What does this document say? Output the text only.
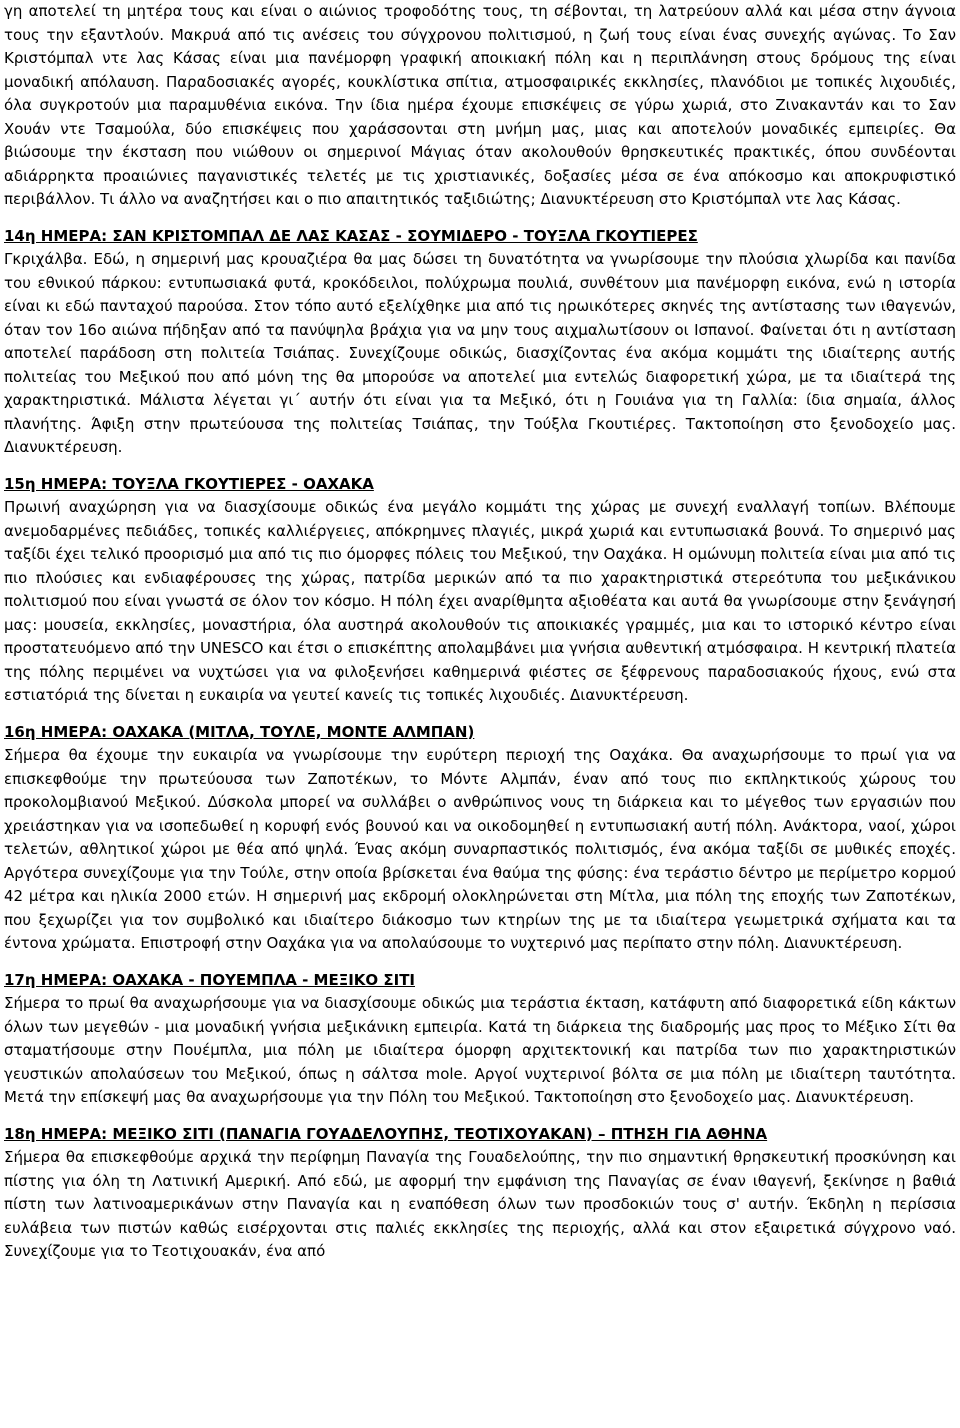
γη αποτελεί τη μητέρα τους και είναι ο αιώνιος τροφοδότης τους, τη σέβονται, τη λατρεύουν αλλά και μέσα στην άγνοια τους την εξαντλούν. Μακρυά από τις ανέσεις του σύγχρονου πολιτισμού, η ζωή τους είναι ένας συνεχής αγώνας. Το Σαν Κριστόμπαλ ντε λας Κάσας είναι μια πανέμορφη γραφική αποικιακή πόλη και η περιπλάνηση στους δρόμους της είναι μοναδική απόλαυση. Παραδοσιακές αγορές, κουκλίστικα σπίτια, ατμοσφαιρικές εκκλησίες, πλανόδιοι με τοπικές λιχουδιές, όλα συγκροτούν μια παραμυθένια εικόνα. Την ίδια ημέρα έχουμε επισκέψεις σε γύρω χωριά, στο Ζινακαντάν και το Σαν Χουάν ντε Τσαμούλα, δύο επισκέψεις που χαράσσονται στη μνήμη μας, μιας και αποτελούν μοναδικές εμπειρίες. Θα βιώσουμε την έκσταση που νιώθουν οι σημερινοί Μάγιας όταν ακολουθούν θρησκευτικές πρακτικές, όπου συνδέονται αδιάρρηκτα προαιώνιες παγανιστικές τελετές με τις χριστιανικές, δοξασίες μέσα σε ένα απόκοσμο και αποκρυφιστικό περιβάλλον. Τι άλλο να αναζητήσει και ο πιο απαιτητικός ταξιδιώτης; Διανυκτέρευση στο Κριστόμπαλ ντε λας Κάσας.

14η ΗΜΕΡΑ: ΣΑΝ ΚΡΙΣΤΟΜΠΑΛ ΔΕ ΛΑΣ ΚΑΣΑΣ - ΣΟΥΜΙΔΕΡΟ - ΤΟΥΞΛΑ ΓΚΟΥΤΙΕΡΕΣ

Γκριχάλβα. Εδώ, η σημερινή μας κρουαζιέρα θα μας δώσει τη δυνατότητα να γνωρίσουμε την πλούσια χλωρίδα και πανίδα του εθνικού πάρκου: εντυπωσιακά φυτά, κροκόδειλοι, πολύχρωμα πουλιά, συνθέτουν μια πανέμορφη εικόνα, ενώ η ιστορία είναι κι εδώ πανταχού παρούσα. Στον τόπο αυτό εξελίχθηκε μια από τις ηρωικότερες σκηνές της αντίστασης των ιθαγενών, όταν τον 16ο αιώνα πήδηξαν από τα πανύψηλα βράχια για να μην τους αιχμαλωτίσουν οι Ισπανοί. Φαίνεται ότι η αντίσταση αποτελεί παράδοση στη πολιτεία Τσιάπας. Συνεχίζουμε οδικώς, διασχίζοντας ένα ακόμα κομμάτι της ιδιαίτερης αυτής πολιτείας του Μεξικού που από μόνη της θα μπορούσε να αποτελεί μια εντελώς διαφορετική χώρα, με τα ιδιαίτερά της χαρακτηριστικά. Μάλιστα λέγεται γι΄ αυτήν ότι είναι για τα Μεξικό, ότι η Γουιάνα για τη Γαλλία: ίδια σημαία, άλλος πλανήτης. Άφιξη στην πρωτεύουσα της πολιτείας Τσιάπας, την Τούξλα Γκουτιέρες. Τακτοποίηση στο ξενοδοχείο μας. Διανυκτέρευση.

15η ΗΜΕΡΑ: ΤΟΥΞΛΑ ΓΚΟΥΤΙΕΡΕΣ - ΟΑΧΑΚΑ

Πρωινή αναχώρηση για να διασχίσουμε οδικώς ένα μεγάλο κομμάτι της χώρας με συνεχή εναλλαγή τοπίων. Βλέπουμε ανεμοδαρμένες πεδιάδες, τοπικές καλλιέργειες, απόκρημνες πλαγιές, μικρά χωριά και εντυπωσιακά βουνά. Το σημερινό μας ταξίδι έχει τελικό προορισμό μια από τις πιο όμορφες πόλεις του Μεξικού, την Οαχάκα. Η ομώνυμη πολιτεία είναι μια από τις πιο πλούσιες και ενδιαφέρουσες της χώρας, πατρίδα μερικών από τα πιο χαρακτηριστικά στερεότυπα του μεξικάνικου πολιτισμού που είναι γνωστά σε όλον τον κόσμο. Η πόλη έχει αναρίθμητα αξιοθέατα και αυτά θα γνωρίσουμε στην ξενάγησή μας: μουσεία, εκκλησίες, μοναστήρια, όλα αυστηρά ακολουθούν τις αποικιακές γραμμές, μια και το ιστορικό κέντρο είναι προστατευόμενο από την UNESCO και έτσι ο επισκέπτης απολαμβάνει μια γνήσια αυθεντική ατμόσφαιρα. Η κεντρική πλατεία της πόλης περιμένει να νυχτώσει για να φιλοξενήσει καθημερινά φιέστες σε ξέφρενους παραδοσιακούς ήχους, ενώ στα εστιατόριά της δίνεται η ευκαιρία να γευτεί κανείς τις τοπικές λιχουδιές. Διανυκτέρευση.

16η ΗΜΕΡΑ: ΟΑΧΑΚΑ (ΜΙΤΛΑ, ΤΟΥΛΕ, ΜΟΝΤΕ ΑΛΜΠΑΝ)

Σήμερα θα έχουμε την ευκαιρία να γνωρίσουμε την ευρύτερη περιοχή της Οαχάκα. Θα αναχωρήσουμε το πρωί για να επισκεφθούμε την πρωτεύουσα των Ζαποτέκων, το Μόντε Αλμπάν, έναν από τους πιο εκπληκτικούς χώρους του προκολομβιανού Μεξικού. Δύσκολα μπορεί να συλλάβει ο ανθρώπινος νους τη διάρκεια και το μέγεθος των εργασιών που χρειάστηκαν για να ισοπεδωθεί η κορυφή ενός βουνού και να οικοδομηθεί η εντυπωσιακή αυτή πόλη. Ανάκτορα, ναοί, χώροι τελετών, αθλητικοί χώροι με θέα από ψηλά. Ένας ακόμη συναρπαστικός πολιτισμός, ένα ακόμα ταξίδι σε μυθικές εποχές. Αργότερα συνεχίζουμε για την Τούλε, στην οποία βρίσκεται ένα θαύμα της φύσης: ένα τεράστιο δέντρο με περίμετρο κορμού 42 μέτρα και ηλικία 2000 ετών. Η σημερινή μας εκδρομή ολοκληρώνεται στη Μίτλα, μια πόλη της εποχής των Ζαποτέκων, που ξεχωρίζει για τον συμβολικό και ιδιαίτερο διάκοσμο των κτηρίων της με τα ιδιαίτερα γεωμετρικά σχήματα και τα έντονα χρώματα. Επιστροφή στην Οαχάκα για να απολαύσουμε το νυχτερινό μας περίπατο στην πόλη. Διανυκτέρευση.

17η ΗΜΕΡΑ: ΟΑΧΑΚΑ - ΠΟΥΕΜΠΛΑ - ΜΕΞΙΚΟ ΣΙΤΙ

Σήμερα το πρωί θα αναχωρήσουμε για να διασχίσουμε οδικώς μια τεράστια έκταση, κατάφυτη από διαφορετικά είδη κάκτων όλων των μεγεθών - μια μοναδική γνήσια μεξικάνικη εμπειρία. Κατά τη διάρκεια της διαδρομής μας προς το Μέξικο Σίτι θα σταματήσουμε στην Πουέμπλα, μια πόλη με ιδιαίτερα όμορφη αρχιτεκτονική και πατρίδα των πιο χαρακτηριστικών γευστικών απολαύσεων του Μεξικού, όπως η σάλτσα mole. Αργοί νυχτερινοί βόλτα σε μια πόλη με ιδιαίτερη ταυτότητα. Μετά την επίσκεψή μας θα αναχωρήσουμε για την Πόλη του Μεξικού. Τακτοποίηση στο ξενοδοχείο μας. Διανυκτέρευση.

18η ΗΜΕΡΑ: ΜΕΞΙΚΟ ΣΙΤΙ (ΠΑΝΑΓΙΑ ΓΟΥΑΔΕΛΟΥΠΗΣ, ΤΕΟΤΙΧΟΥΑΚΑΝ) – ΠΤΗΣΗ ΓΙΑ ΑΘΗΝΑ

Σήμερα θα επισκεφθούμε αρχικά την περίφημη Παναγία της Γουαδελούπης, την πιο σημαντική θρησκευτική προσκύνηση και πίστης για όλη τη Λατινική Αμερική. Από εδώ, με αφορμή την εμφάνιση της Παναγίας σε έναν ιθαγενή, ξεκίνησε η βαθιά πίστη των λατινοαμερικάνων στην Παναγία και η εναπόθεση όλων των προσδοκιών τους σ' αυτήν. Έκδηλη η περίσσια ευλάβεια των πιστών καθώς εισέρχονται στις παλιές εκκλησίες της περιοχής, αλλά και στον εξαιρετικά σύγχρονο ναό. Συνεχίζουμε για το Τεοτιχουακάν, ένα από
